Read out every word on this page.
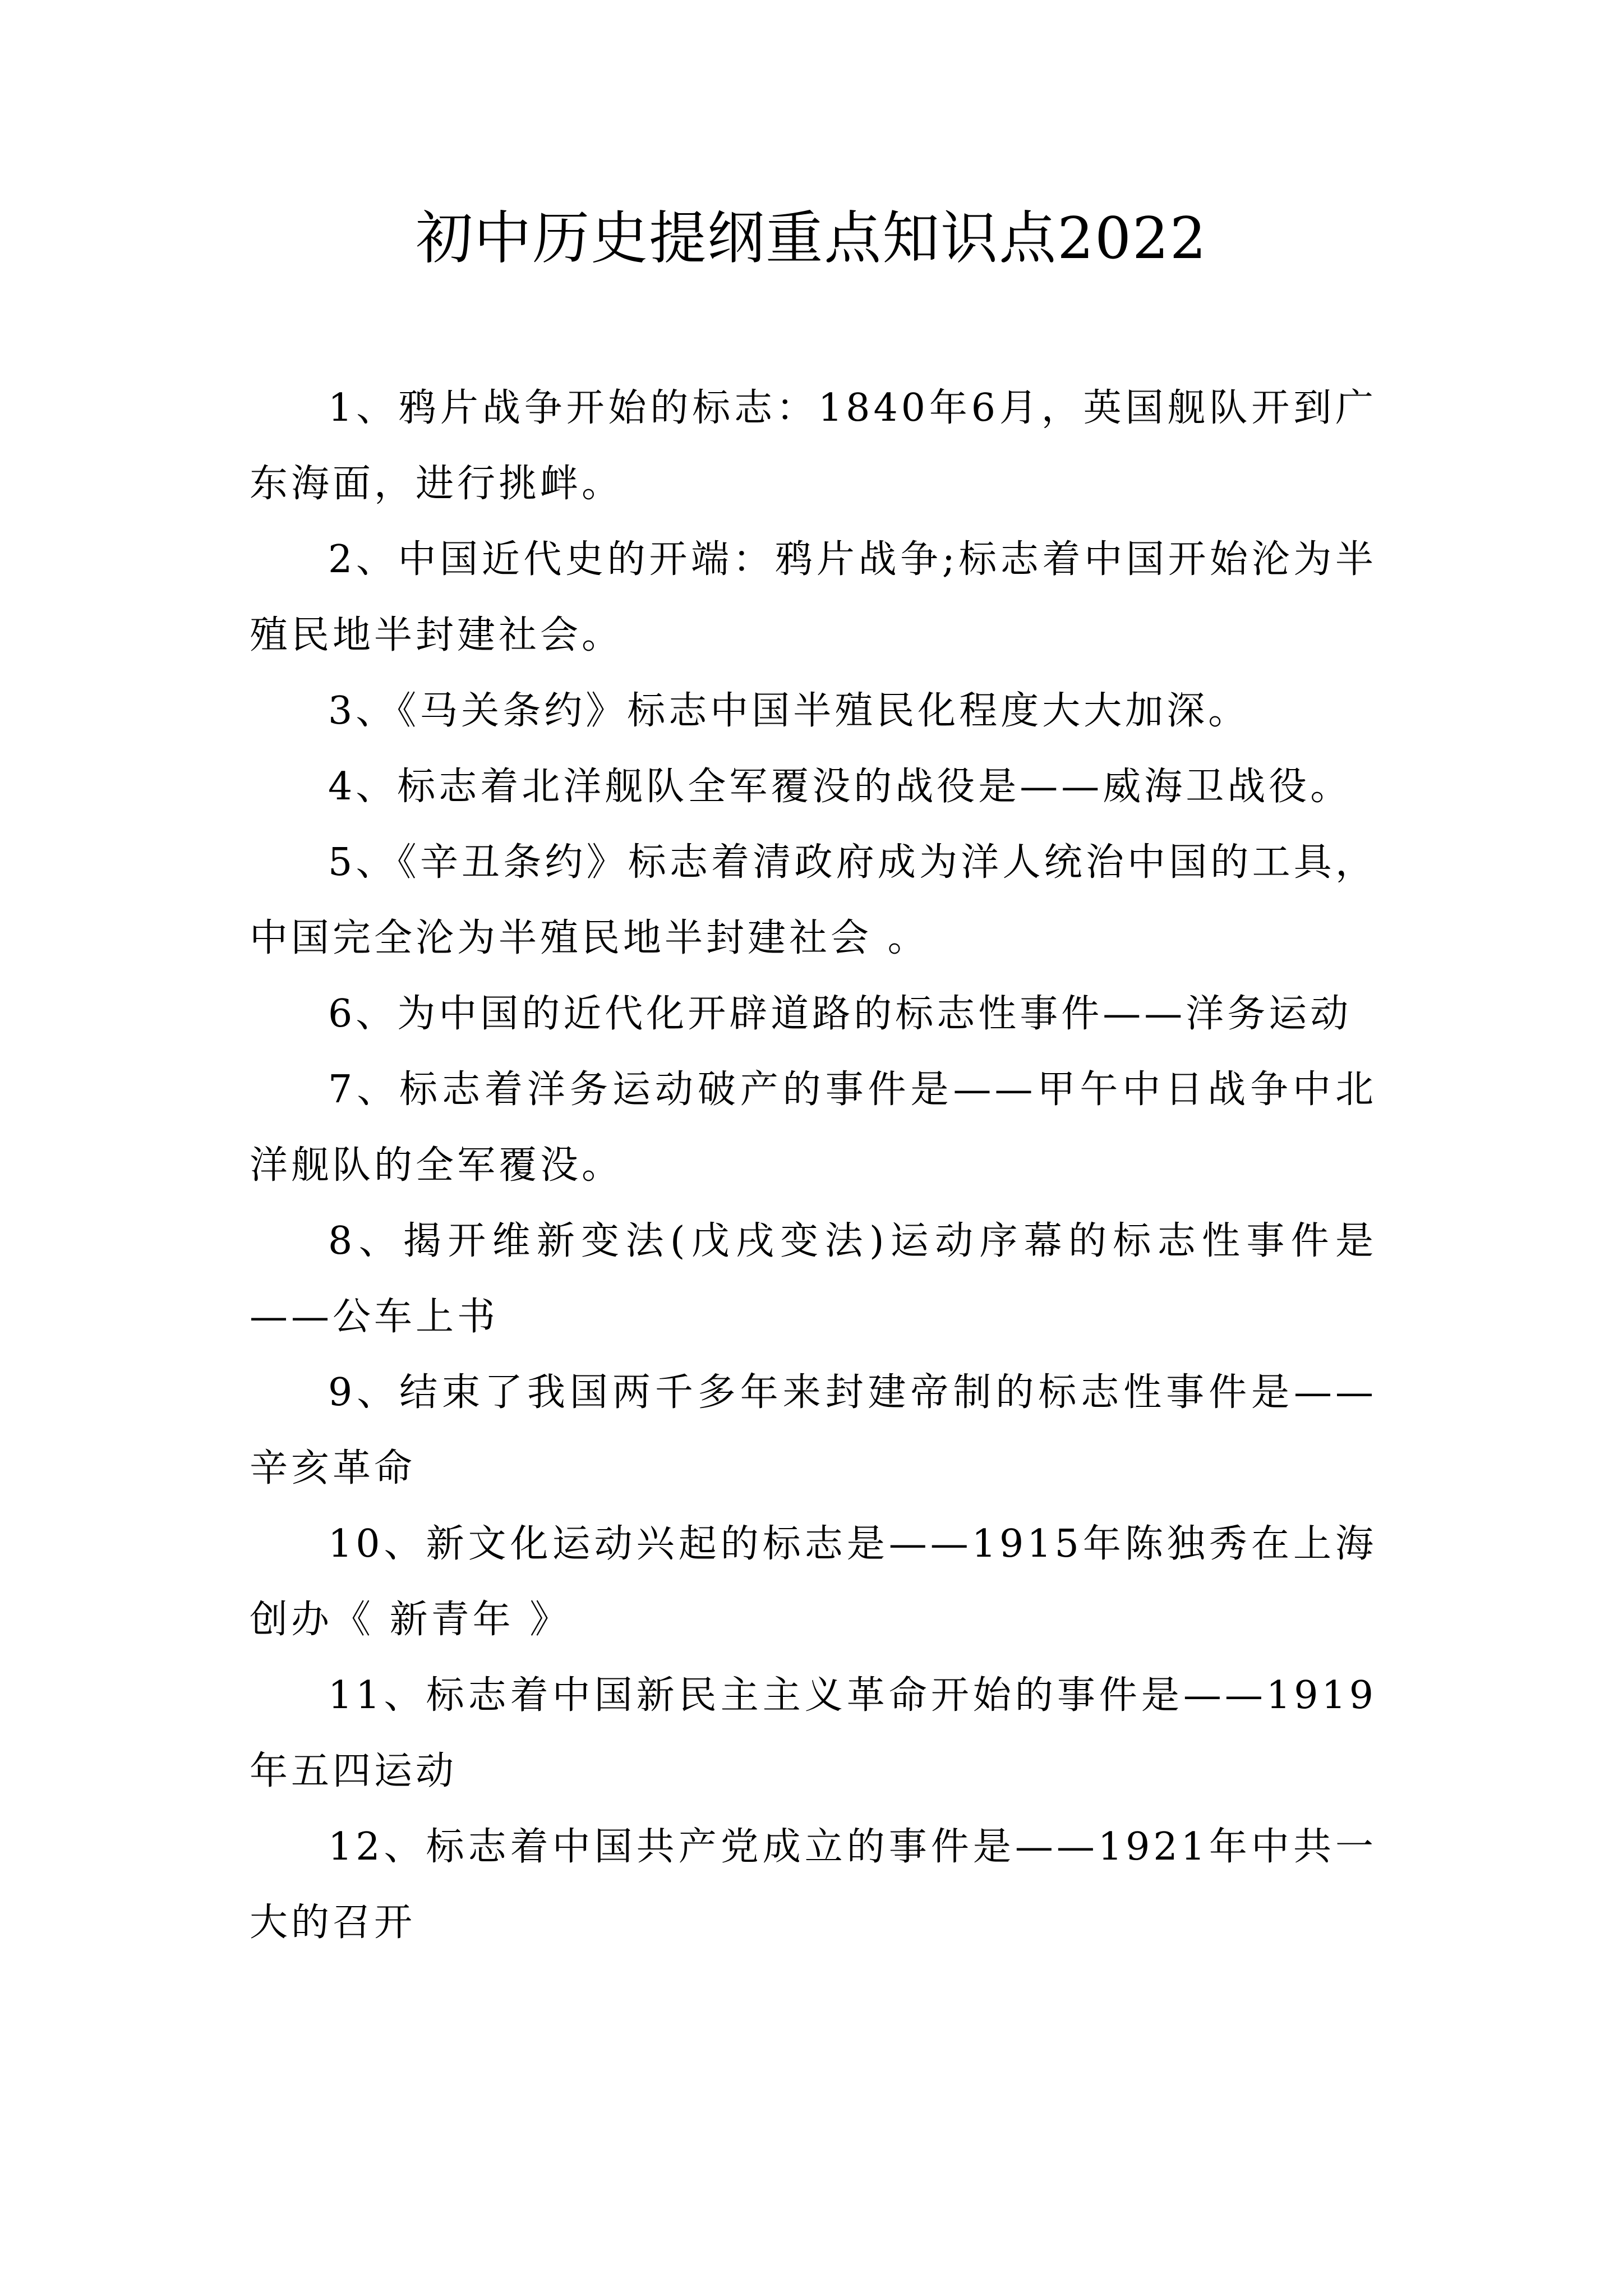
初中历史提纲重点知识点2022

1、鸦片战争开始的标志：1840年6月，英国舰队开到广东海面，进行挑衅。

2、中国近代史的开端：鸦片战争;标志着中国开始沦为半殖民地半封建社会。

3、《马关条约》标志中国半殖民化程度大大加深。

4、标志着北洋舰队全军覆没的战役是——威海卫战役。

5、《辛丑条约》标志着清政府成为洋人统治中国的工具，中国完全沦为半殖民地半封建社会 。

6、为中国的近代化开辟道路的标志性事件——洋务运动

7、标志着洋务运动破产的事件是——甲午中日战争中北洋舰队的全军覆没。

8、揭开维新变法(戊戌变法)运动序幕的标志性事件是——公车上书

9、结束了我国两千多年来封建帝制的标志性事件是——辛亥革命

10、新文化运动兴起的标志是——1915年陈独秀在上海创办《 新青年 》

11、标志着中国新民主主义革命开始的事件是——1919年五四运动

12、标志着中国共产党成立的事件是——1921年中共一大的召开
